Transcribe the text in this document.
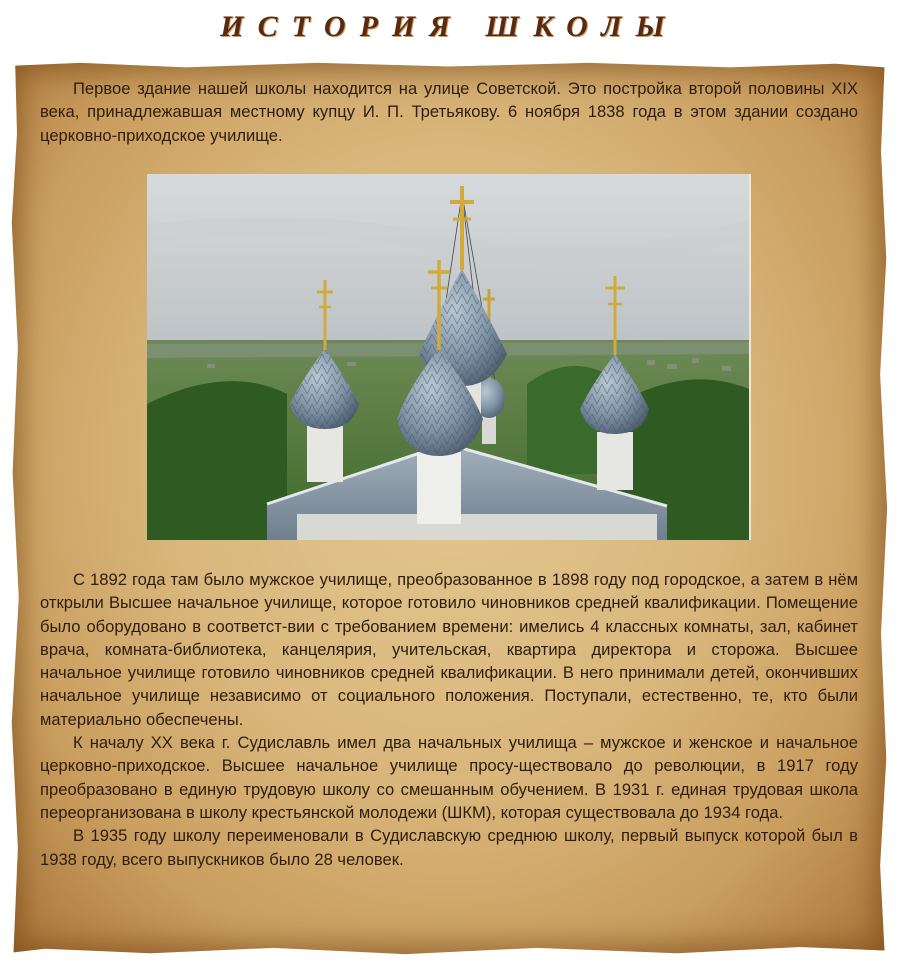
ИСТОРИЯ ШКОЛЫ

Первое здание нашей школы находится на улице Советской. Это постройка второй половины XIX века, принадлежавшая местному купцу И. П. Третьякову. 6 ноября 1838 года в этом здании создано церковно-приходское училище.

С 1892 года там было мужское училище, преобразованное в 1898 году под городское, а затем в нём открыли Высшее начальное училище, которое готовило чиновников средней квалификации. Помещение было оборудовано в соответст-вии с требованием времени: имелись 4 классных комнаты, зал, кабинет врача, комната-библиотека, канцелярия, учительская, квартира директора и сторожа. Высшее начальное училище готовило чиновников средней квалификации. В него принимали детей, окончивших начальное училище независимо от социального положения. Поступали, естественно, те, кто были материально обеспечены.

К началу XX века г. Судиславль имел два начальных училища – мужское и женское и начальное церковно-приходское. Высшее начальное училище просу-ществовало до революции, в 1917 году преобразовано в единую трудовую школу со смешанным обучением. В 1931 г. единая трудовая школа переорганизована в школу крестьянской молодежи (ШКМ), которая существовала до 1934 года.

В 1935 году школу переименовали в Судиславскую среднюю школу, первый выпуск которой был в 1938 году, всего выпускников было 28 человек.
